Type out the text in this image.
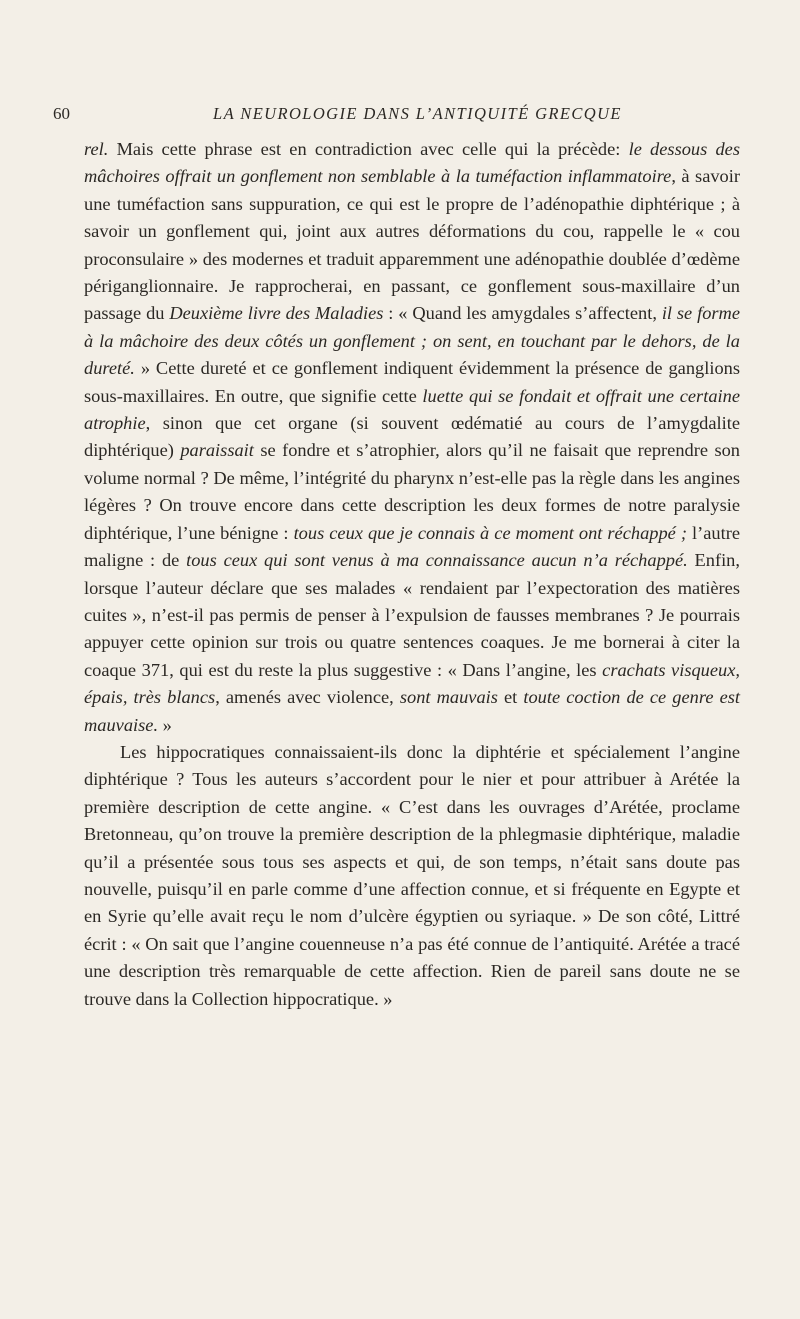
60	LA NEUROLOGIE DANS L’ANTIQUITÉ GRECQUE

rel. Mais cette phrase est en contradiction avec celle qui la précède: le dessous des mâchoires offrait un gonflement non semblable à la tuméfaction inflammatoire, à savoir une tuméfaction sans suppuration, ce qui est le propre de l’adénopathie diphtérique ; à savoir un gonflement qui, joint aux autres déformations du cou, rappelle le « cou proconsulaire » des modernes et traduit apparemment une adénopathie doublée d’œdème périganglionnaire. Je rapprocherai, en passant, ce gonflement sous-maxillaire d’un passage du Deuxième livre des Maladies : « Quand les amygdales s’affectent, il se forme à la mâchoire des deux côtés un gonflement ; on sent, en touchant par le dehors, de la dureté. » Cette dureté et ce gonflement indiquent évidemment la présence de ganglions sous-maxillaires. En outre, que signifie cette luette qui se fondait et offrait une certaine atrophie, sinon que cet organe (si souvent œdématié au cours de l’amygdalite diphtérique) paraissait se fondre et s’atrophier, alors qu’il ne faisait que reprendre son volume normal ? De même, l’intégrité du pharynx n’est-elle pas la règle dans les angines légères ? On trouve encore dans cette description les deux formes de notre paralysie diphtérique, l’une bénigne : tous ceux que je connais à ce moment ont réchappé ; l’autre maligne : de tous ceux qui sont venus à ma connaissance aucun n’a réchappé. Enfin, lorsque l’auteur déclare que ses malades « rendaient par l’expectoration des matières cuites », n’est-il pas permis de penser à l’expulsion de fausses membranes ? Je pourrais appuyer cette opinion sur trois ou quatre sentences coaques. Je me bornerai à citer la coaque 371, qui est du reste la plus suggestive : « Dans l’angine, les crachats visqueux, épais, très blancs, amenés avec violence, sont mauvais et toute coction de ce genre est mauvaise. »

Les hippocratiques connaissaient-ils donc la diphtérie et spécialement l’angine diphtérique ? Tous les auteurs s’accordent pour le nier et pour attribuer à Arétée la première description de cette angine. « C’est dans les ouvrages d’Arétée, proclame Bretonneau, qu’on trouve la première description de la phlegmasie diphtérique, maladie qu’il a présentée sous tous ses aspects et qui, de son temps, n’était sans doute pas nouvelle, puisqu’il en parle comme d’une affection connue, et si fréquente en Egypte et en Syrie qu’elle avait reçu le nom d’ulcère égyptien ou syriaque. » De son côté, Littré écrit : « On sait que l’angine couenneuse n’a pas été connue de l’antiquité. Arétée a tracé une description très remarquable de cette affection. Rien de pareil sans doute ne se trouve dans la Collection hippocratique. »
